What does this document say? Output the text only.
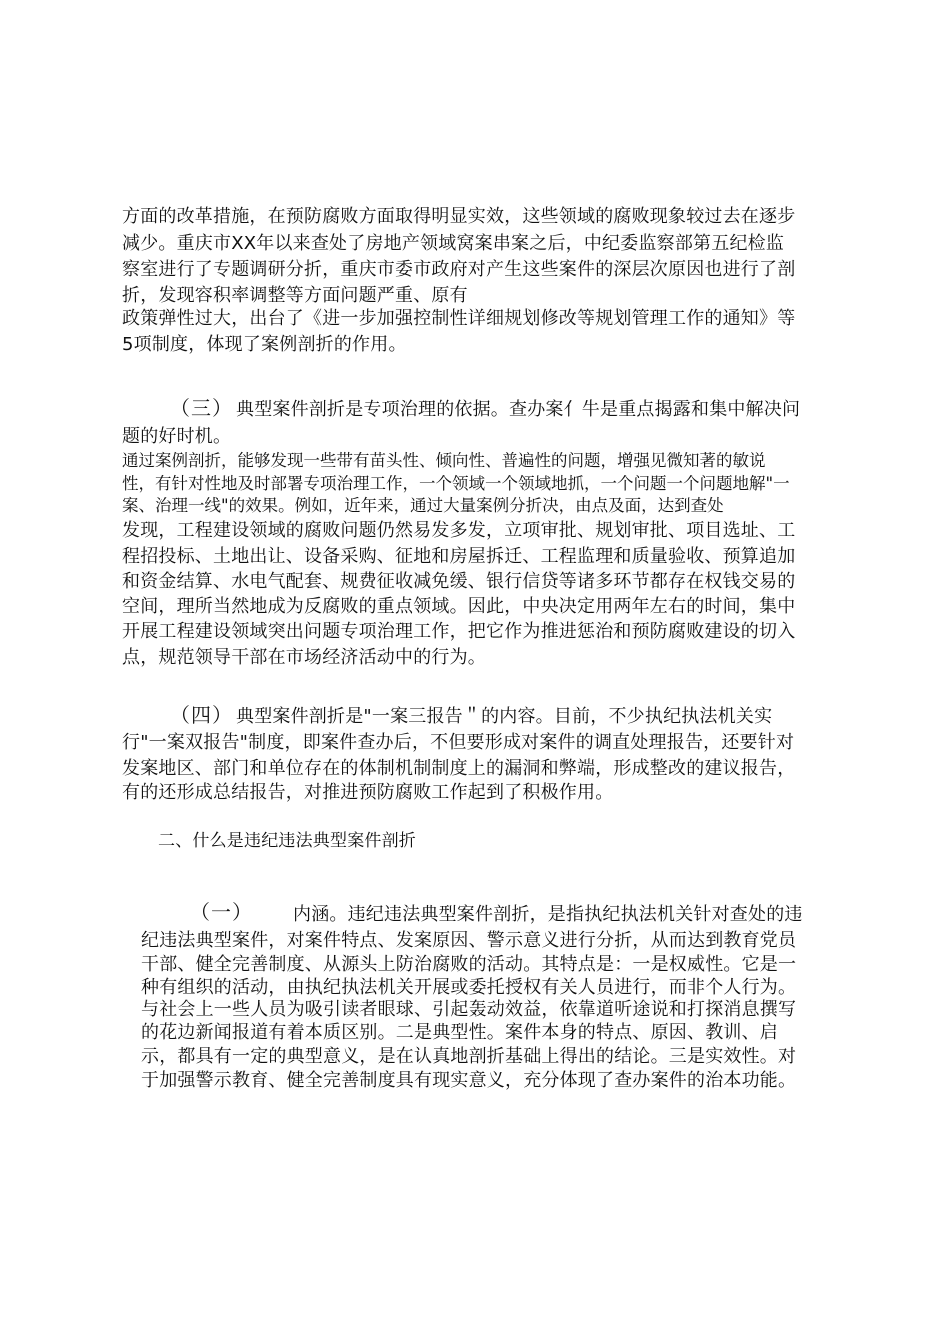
方面的改革措施，在预防腐败方面取得明显实效，这些领域的腐败现象较过去在逐步
减少。重庆市XX年以来查处了房地产领域窝案串案之后，中纪委监察部第五纪检监
察室进行了专题调研分折，重庆市委市政府对产生这些案件的深层次原因也进行了剖
折，发现容积率调整等方面问题严重、原有
政策弹性过大，出台了《进一步加强控制性详细规划修改等规划管理工作的通知》等
5项制度，体现了案例剖折的作用。
（三） 典型案件剖折是专项治理的依据。查办案亻牛是重点揭露和集中解决问
题的好时机。
通过案例剖折，能够发现一些带有苗头性、倾向性、普遍性的问题，增强见微知著的敏说
性，有针对性地及时部署专项治理工作，一个领域一个领域地抓，一个问题一个问题地解"一
案、治理一线"的效果。例如，近年来，通过大量案例分折决，由点及面，达到查处
发现，工程建设领域的腐败问题仍然易发多发，立项审批、规划审批、项目选址、工
程招投标、土地出让、设备采购、征地和房屋拆迁、工程监理和质量验收、预算追加
和资金结算、水电气配套、规费征收减免缓、银行信贷等诸多环节都存在权钱交易的
空间，理所当然地成为反腐败的重点领域。因此，中央决定用两年左右的时间，集中
开展工程建设领域突出问题专项治理工作，把它作为推进惩治和预防腐败建设的切入
点，规范领导干部在市场经济活动中的行为。
（四） 典型案件剖折是"一案三报告＂的内容。目前，不少执纪执法机关实
行"一案双报告"制度，即案件查办后，不但要形成对案件的调直处理报告，还要针对
发案地区、部门和单位存在的体制机制制度上的漏洞和弊端，形成整改的建议报告，
有的还形成总结报告，对推进预防腐败工作起到了积极作用。
二、什么是违纪违法典型案件剖折
（一） 内涵。违纪违法典型案件剖折，是指执纪执法机关针对查处的违
纪违法典型案件，对案件特点、发案原因、警示意义进行分折，从而达到教育党员
干部、健全完善制度、从源头上防治腐败的活动。其特点是：一是权威性。它是一
种有组织的活动，由执纪执法机关开展或委托授权有关人员进行，而非个人行为。
与社会上一些人员为吸引读者眼球、引起轰动效益，依靠道听途说和打探消息撰写
的花边新闻报道有着本质区别。二是典型性。案件本身的特点、原因、教训、启
示，都具有一定的典型意义，是在认真地剖折基础上得出的结论。三是实效性。对
于加强警示教育、健全完善制度具有现实意义，充分体现了查办案件的治本功能。
